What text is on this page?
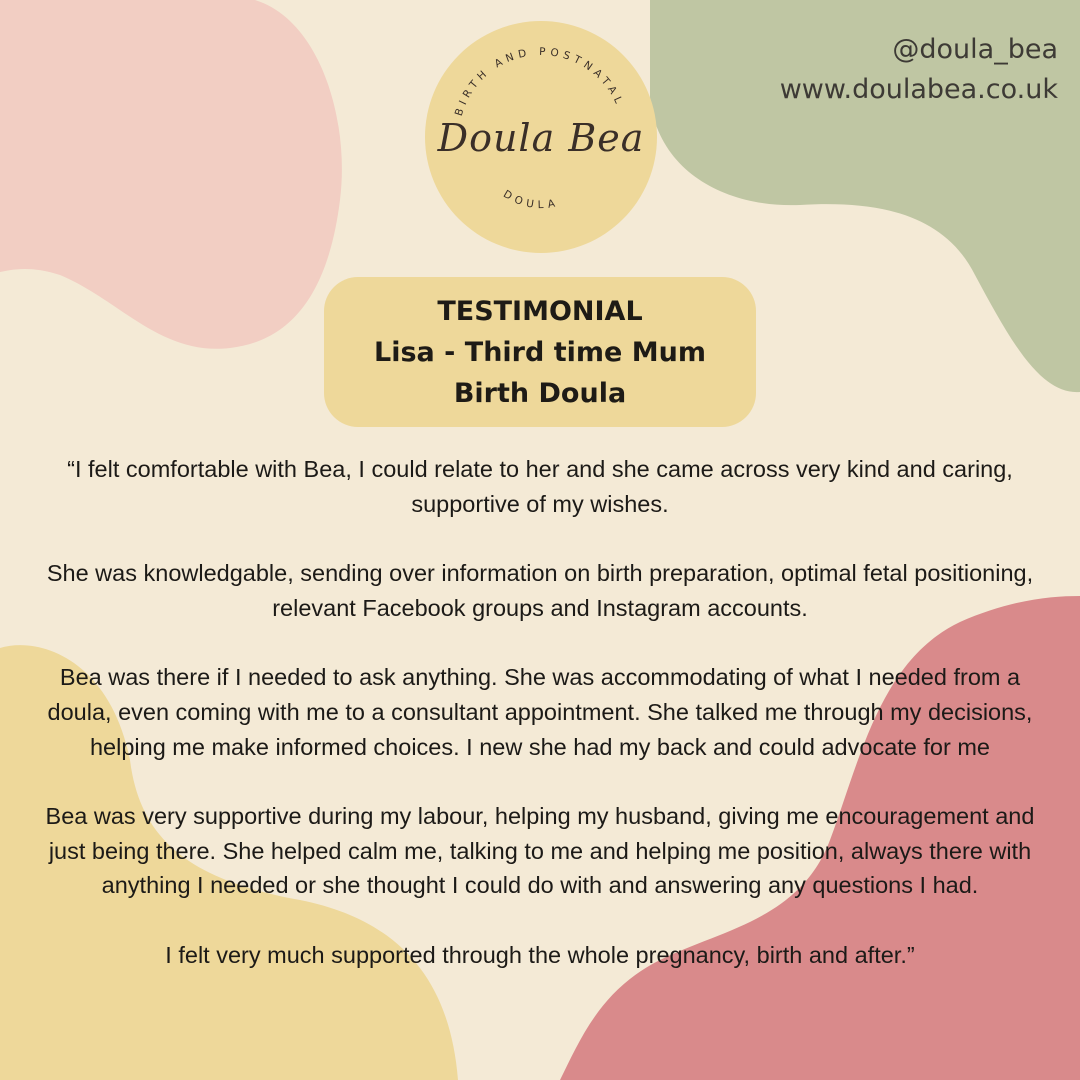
@doula_bea
www.doulabea.co.uk
BIRTH AND POSTNATAL
DOULA
Doula Bea
TESTIMONIAL
Lisa - Third time Mum
Birth Doula

“I felt comfortable with Bea, I could relate to her and she came across very kind and caring, supportive of my wishes.

She was knowledgable, sending over information on birth preparation, optimal fetal positioning, relevant Facebook groups and Instagram accounts.

Bea was there if I needed to ask anything. She was accommodating of what I needed from a doula, even coming with me to a consultant appointment. She talked me through my decisions, helping me make informed choices. I new she had my back and could advocate for me

Bea was very supportive during my labour, helping my husband, giving me encouragement and just being there. She helped calm me, talking to me and helping me position, always there with anything I needed or she thought I could do with and answering any questions I had.

I felt very much supported through the whole pregnancy, birth and after.”
